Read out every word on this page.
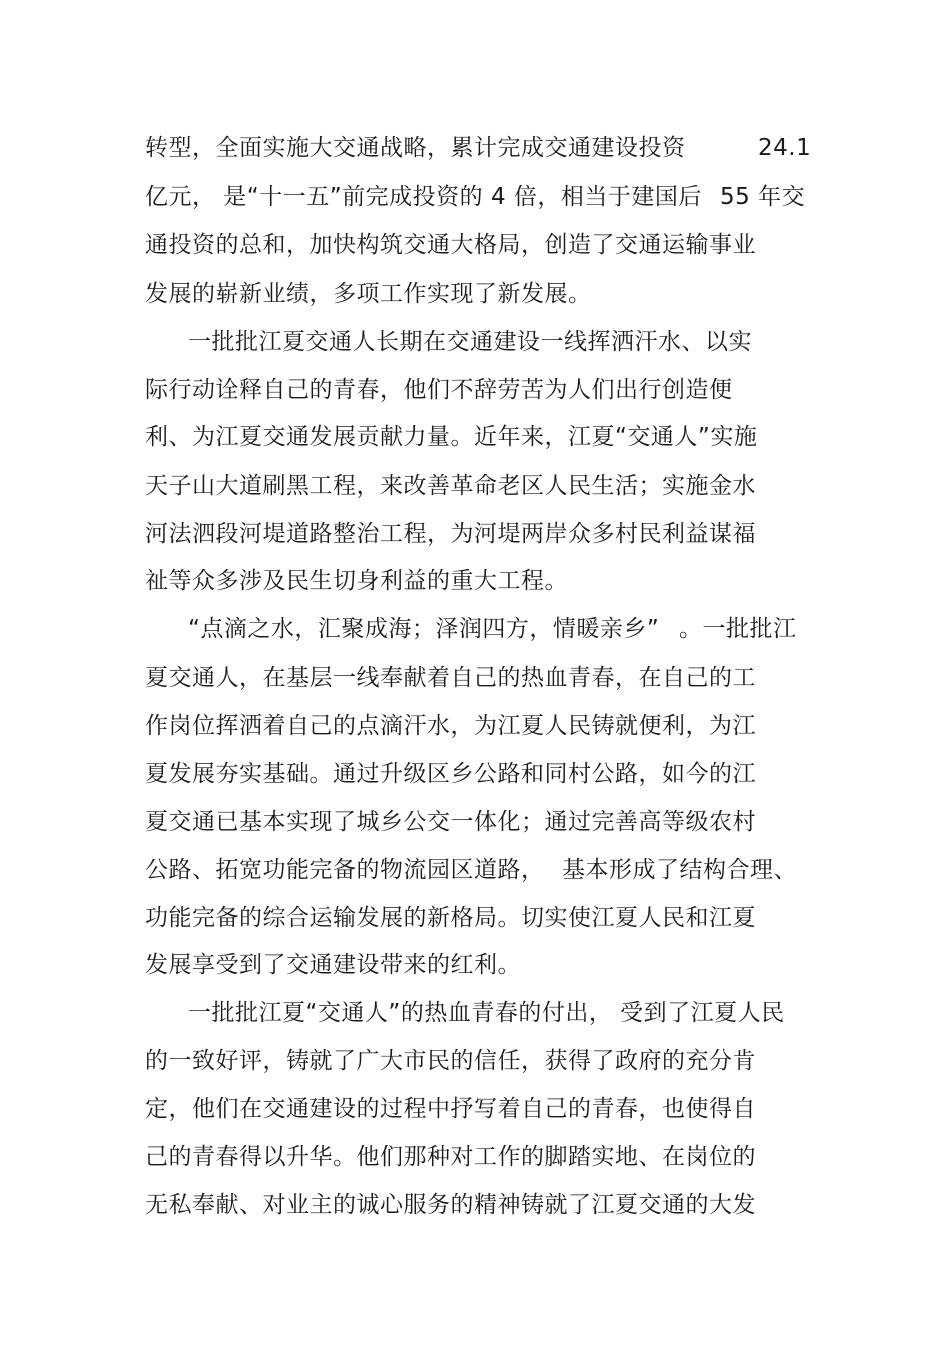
转型，全面实施大交通战略，累计完成交通建设投资	24.1
亿元， 是“十一五”前完成投资的 4 倍，相当于建国后 55 年交
通投资的总和，加快构筑交通大格局，创造了交通运输事业
发展的崭新业绩，多项工作实现了新发展。
一批批江夏交通人长期在交通建设一线挥洒汗水、以实
际行动诠释自己的青春，他们不辞劳苦为人们出行创造便
利、为江夏交通发展贡献力量。近年来，江夏“交通人”实施
天子山大道刷黑工程，来改善革命老区人民生活；实施金水
河法泗段河堤道路整治工程，为河堤两岸众多村民利益谋福
祉等众多涉及民生切身利益的重大工程。
“点滴之水，汇聚成海；泽润四方，情暖亲乡” 。一批批江
夏交通人，在基层一线奉献着自己的热血青春，在自己的工
作岗位挥洒着自己的点滴汗水，为江夏人民铸就便利，为江
夏发展夯实基础。通过升级区乡公路和同村公路，如今的江
夏交通已基本实现了城乡公交一体化；通过完善高等级农村
公路、拓宽功能完备的物流园区道路， 基本形成了结构合理、
功能完备的综合运输发展的新格局。切实使江夏人民和江夏
发展享受到了交通建设带来的红利。
一批批江夏“交通人”的热血青春的付出， 受到了江夏人民
的一致好评，铸就了广大市民的信任，获得了政府的充分肯
定，他们在交通建设的过程中抒写着自己的青春，也使得自
己的青春得以升华。他们那种对工作的脚踏实地、在岗位的
无私奉献、对业主的诚心服务的精神铸就了江夏交通的大发
